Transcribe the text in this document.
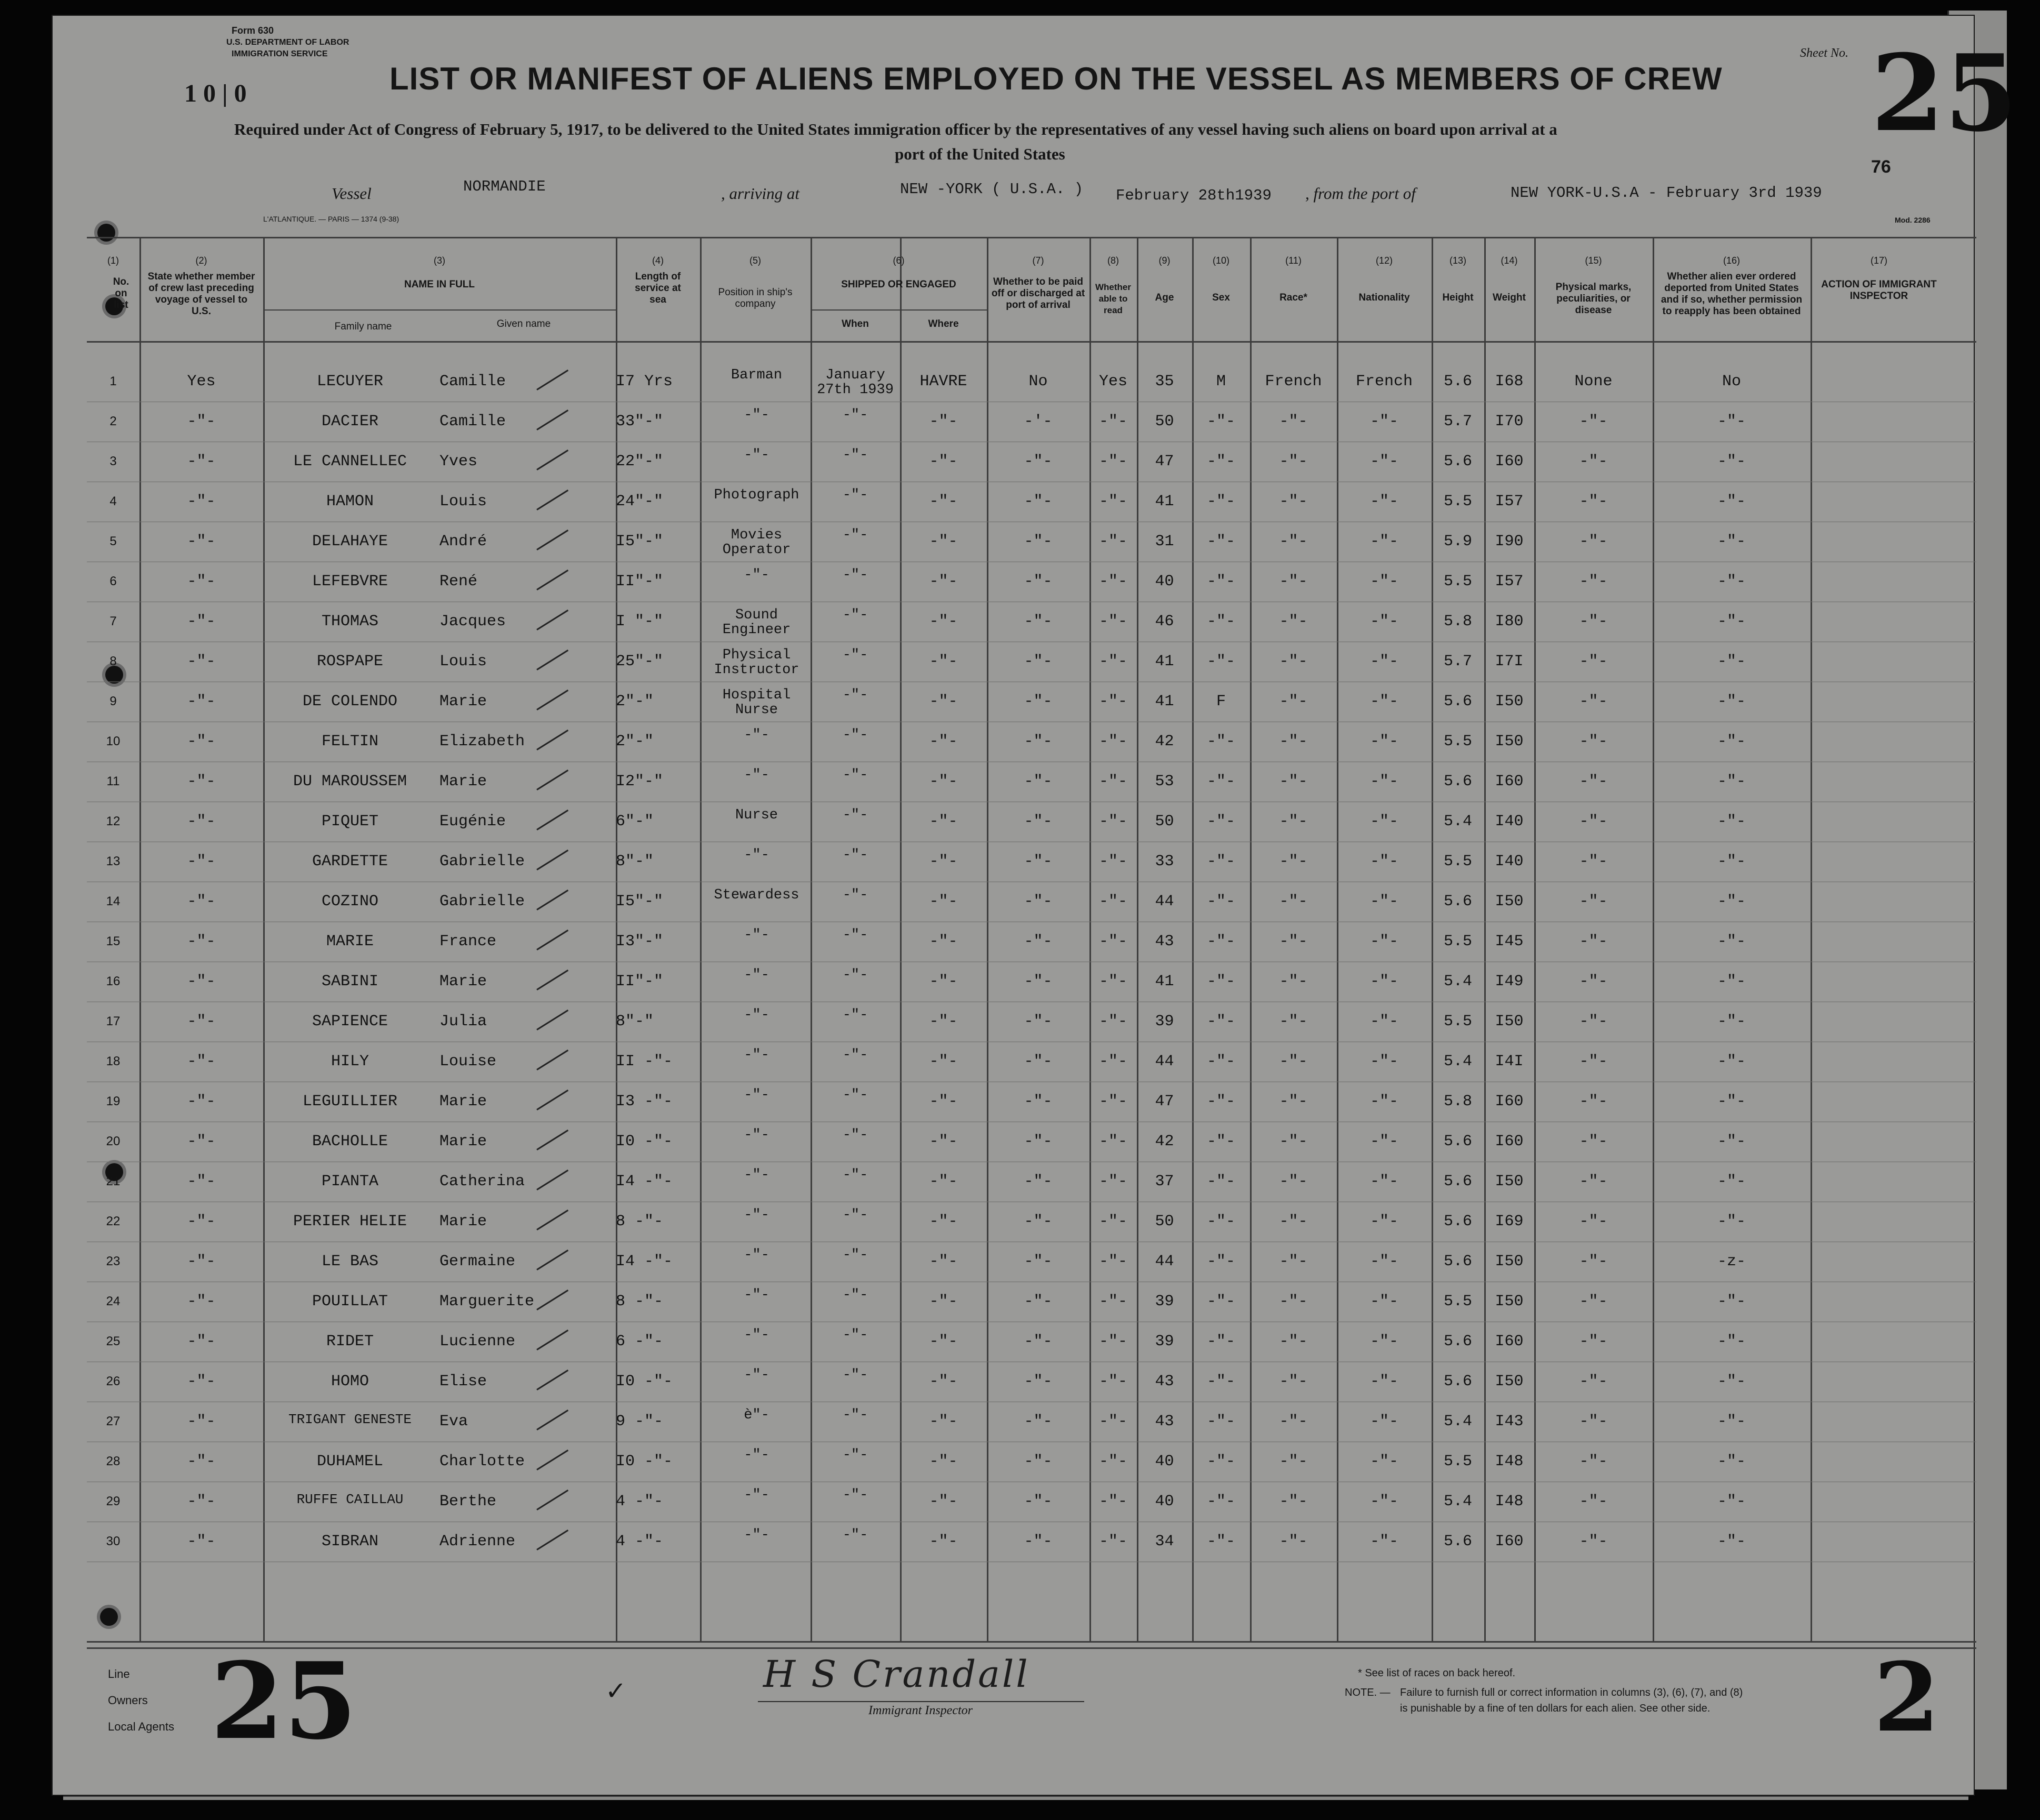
Form 630
U.S. DEPARTMENT OF LABOR
IMMIGRATION SERVICE
1 0 | 0	LIST OR MANIFEST OF ALIENS EMPLOYED ON THE VESSEL AS MEMBERS OF CREW
Required under Act of Congress of February 5, 1917, to be delivered to the United States immigration officer by the representatives of any vessel having such aliens on board upon arrival at a
port of the United States
Sheet No. 25
76
Vessel	NORMANDIE	, arriving at	NEW -YORK ( U.S.A. ) February 28th1939 , from the port of	NEW YORK-U.S.A - February 3rd 1939
L'ATLANTIQUE. — PARIS — 1374 (9-38)	Mod. 2286
(1)	(2)	(3)	(4)	(5)	(6)	(7)	(8)	(9)	(10)	(11)	(12)	(13)	(14)	(15)	(16)	(17)
No. on list
State whether member of crew last preceding voyage of vessel to U.S.
NAME IN FULL
Family name	Given name
Length of service at sea
Position in ship's company
SHIPPED OR ENGAGED
When	Where
Whether to be paid off or discharged at port of arrival
Whether able to read
Age	Sex	Race*	Nationality	Height	Weight
Physical marks, peculiarities, or disease
Whether alien ever ordered deported from United States and if so, whether permission to reapply has been obtained
ACTION OF IMMIGRANT INSPECTOR
1	Yes	LECUYER	Camille	I7 Yrs	Barman	January 27th 1939	HAVRE	No	Yes	35	M	French	French	5.6	I68	None	No
2	-"-	DACIER	Camille	33"-"	-"-	-"-	-"-	-'-	-"-	50	-"-	-"-	-"-	5.7	I70	-"-	-"-
3	-"-	LE CANNELLEC	Yves	22"-"	-"-	-"-	-"-	-"-	-"-	47	-"-	-"-	-"-	5.6	I60	-"-	-"-
4	-"-	HAMON	Louis	24"-"	Photograph	-"-	-"-	-"-	-"-	41	-"-	-"-	-"-	5.5	I57	-"-	-"-
5	-"-	DELAHAYE	André	I5"-"	Movies Operator
-"-	-"-	-"-	-"-	31	-"-	-"-	-"-	5.9	I90	-"-	-"-
6	-"-	LEFEBVRE	René	II"-"	-"-	-"-	-"-	-"-	-"-	40	-"-	-"-	-"-	5.5	I57	-"-	-"-
7	-"-	THOMAS	Jacques	I "-"	Sound Engineer
-"-	-"-	-"-	-"-	46	-"-	-"-	-"-	5.8	I80	-"-	-"-
8	-"-	ROSPAPE	Louis	25"-"	Physical Instructor
-"-	-"-	-"-	-"-	41	-"-	-"-	-"-	5.7	I7I	-"-	-"-
9	-"-	DE COLENDO	Marie	2"-"	Hospital Nurse
-"-	-"-	-"-	-"-	41	F	-"-	-"-	5.6	I50	-"-	-"-
10	-"-	FELTIN	Elizabeth	2"-"	-"-	-"-	-"-	-"-	-"-	42	-"-	-"-	-"-	5.5	I50	-"-	-"-
11	-"-	DU MAROUSSEM	Marie	I2"-"	-"-	-"-	-"-	-"-	-"-	53	-"-	-"-	-"-	5.6	I60	-"-	-"-
12	-"-	PIQUET	Eugénie	6"-"	Nurse	-"-	-"-	-"-	-"-	50	-"-	-"-	-"-	5.4	I40	-"-	-"-
13	-"-	GARDETTE	Gabrielle	8"-"	-"-	-"-	-"-	-"-	-"-	33	-"-	-"-	-"-	5.5	I40	-"-	-"-
14	-"-	COZINO	Gabrielle	I5"-"	Stewardess	-"-	-"-	-"-	-"-	44	-"-	-"-	-"-	5.6	I50	-"-	-"-
15	-"-	MARIE	France	I3"-"	-"-	-"-	-"-	-"-	-"-	43	-"-	-"-	-"-	5.5	I45	-"-	-"-
16	-"-	SABINI	Marie	II"-"	-"-	-"-	-"-	-"-	-"-	41	-"-	-"-	-"-	5.4	I49	-"-	-"-
17	-"-	SAPIENCE	Julia	8"-"	-"-	-"-	-"-	-"-	-"-	39	-"-	-"-	-"-	5.5	I50	-"-	-"-
18	-"-	HILY	Louise	II -"-	-"-	-"-	-"-	-"-	-"-	44	-"-	-"-	-"-	5.4	I4I	-"-	-"-
19	-"-	LEGUILLIER	Marie	I3 -"-	-"-	-"-	-"-	-"-	-"-	47	-"-	-"-	-"-	5.8	I60	-"-	-"-
20	-"-	BACHOLLE	Marie	I0 -"-	-"-	-"-	-"-	-"-	-"-	42	-"-	-"-	-"-	5.6	I60	-"-	-"-
21	-"-	PIANTA	Catherina	I4 -"-	-"-	-"-	-"-	-"-	-"-	37	-"-	-"-	-"-	5.6	I50	-"-	-"-
22	-"-	PERIER HELIE	Marie	8 -"-	-"-	-"-	-"-	-"-	-"-	50	-"-	-"-	-"-	5.6	I69	-"-	-"-
23	-"-	LE BAS	Germaine	I4 -"-	-"-	-"-	-"-	-"-	-"-	44	-"-	-"-	-"-	5.6	I50	-"-	-z-
24	-"-	POUILLAT	Marguerite	8 -"-	-"-	-"-	-"-	-"-	-"-	39	-"-	-"-	-"-	5.5	I50	-"-	-"-
25	-"-	RIDET	Lucienne	6 -"-	-"-	-"-	-"-	-"-	-"-	39	-"-	-"-	-"-	5.6	I60	-"-	-"-
26	-"-	HOMO	Elise	I0 -"-	-"-	-"-	-"-	-"-	-"-	43	-"-	-"-	-"-	5.6	I50	-"-	-"-
27	-"-	TRIGANT GENESTE	Eva	9 -"-	è"-	-"-	-"-	-"-	-"-	43	-"-	-"-	-"-	5.4	I43	-"-	-"-
28	-"-	DUHAMEL	Charlotte	I0 -"-	-"-	-"-	-"-	-"-	-"-	40	-"-	-"-	-"-	5.5	I48	-"-	-"-
29	-"-	RUFFE CAILLAU	Berthe	4 -"-	-"-	-"-	-"-	-"-	-"-	40	-"-	-"-	-"-	5.4	I48	-"-	-"-
30	-"-	SIBRAN	Adrienne	4 -"-	-"-	-"-	-"-	-"-	-"-	34	-"-	-"-	-"-	5.6	I60	-"-	-"-
Line
Owners
Local Agents 25	✓	H S Crandall
Immigrant Inspector
* See list of races on back hereof.
NOTE. — Failure to furnish full or correct information in columns (3), (6), (7), and (8)
is punishable by a fine of ten dollars for each alien. See other side. 2
